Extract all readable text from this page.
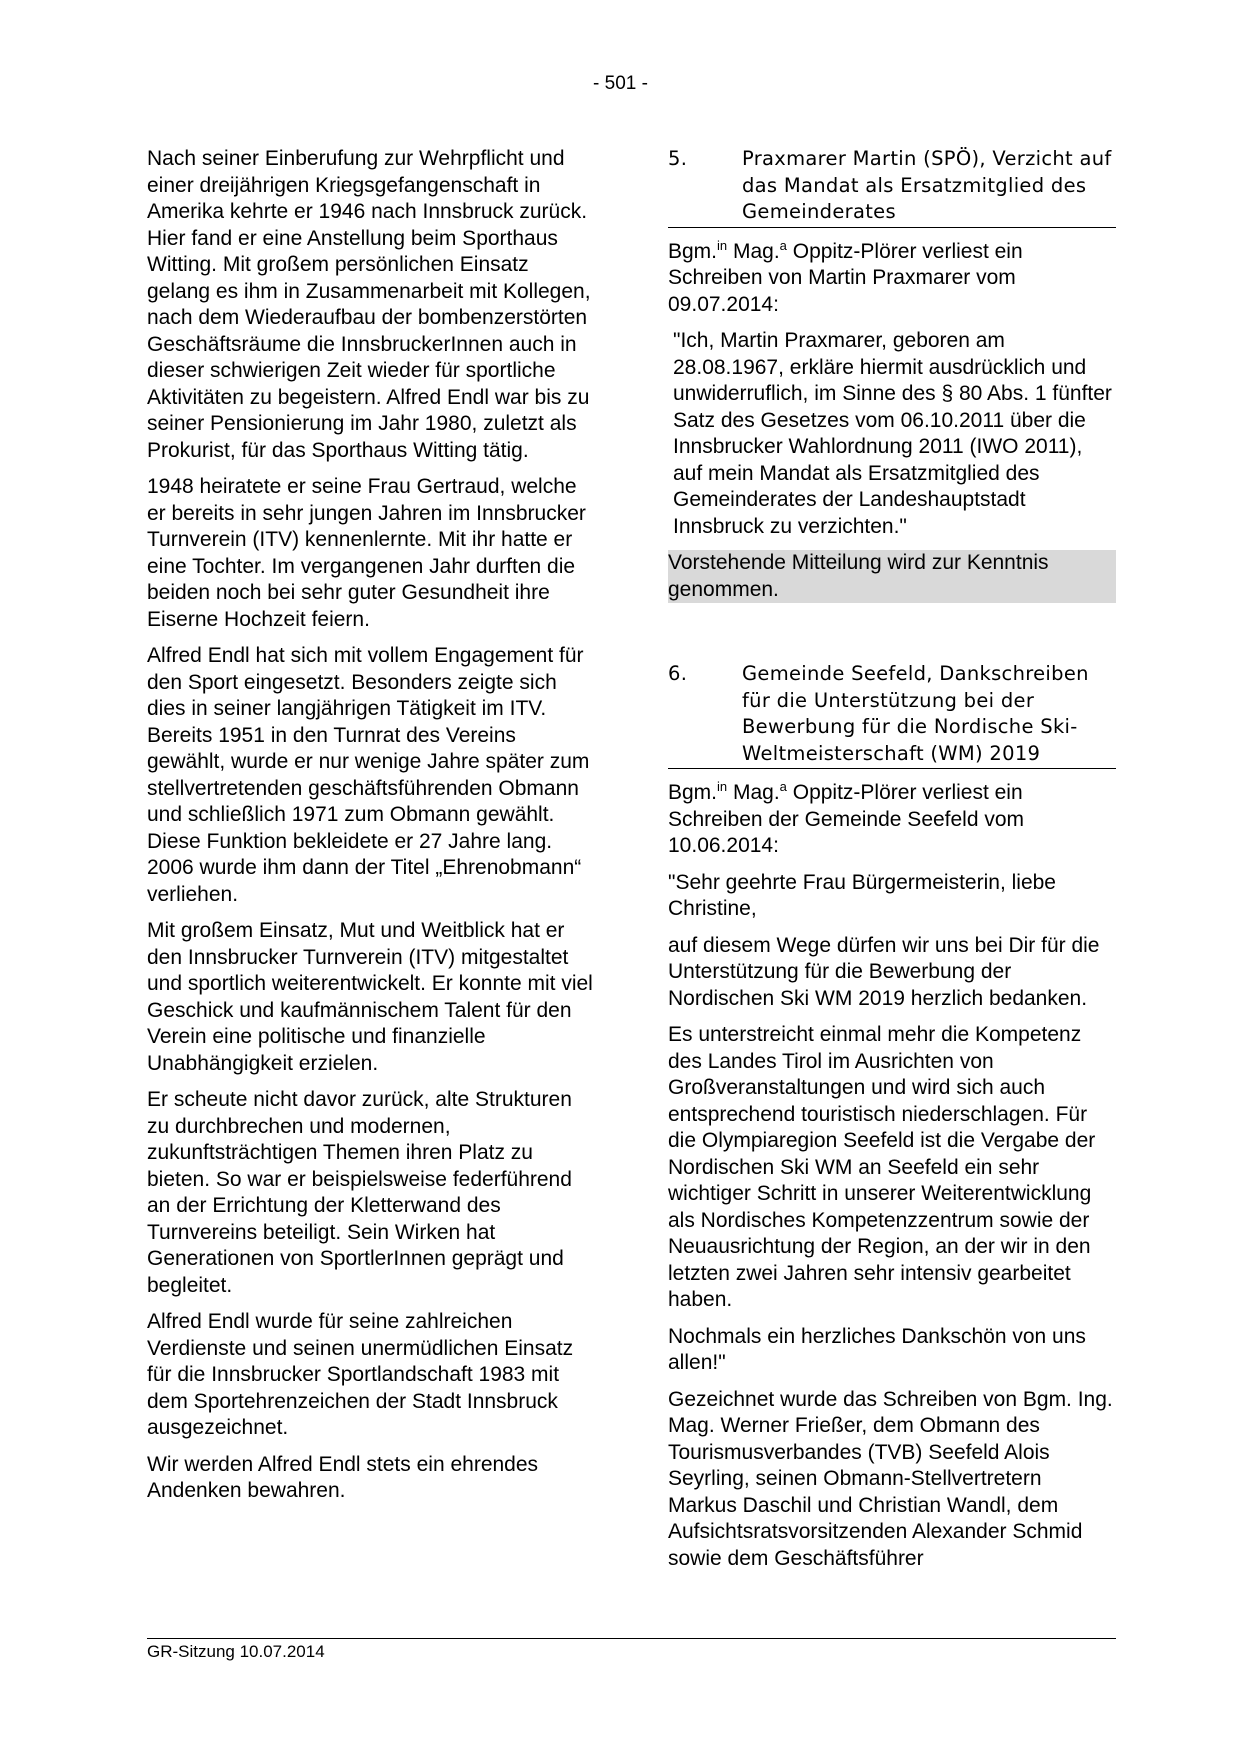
- 501 -

Nach seiner Einberufung zur Wehrpflicht und einer dreijährigen Kriegsgefangenschaft in Amerika kehrte er 1946 nach Innsbruck zurück. Hier fand er eine Anstellung beim Sporthaus Witting. Mit großem persönlichen Einsatz gelang es ihm in Zusammenarbeit mit Kollegen, nach dem Wiederaufbau der bombenzerstörten Geschäftsräume die InnsbruckerInnen auch in dieser schwierigen Zeit wieder für sportliche Aktivitäten zu begeistern. Alfred Endl war bis zu seiner Pensionierung im Jahr 1980, zuletzt als Prokurist, für das Sporthaus Witting tätig.

1948 heiratete er seine Frau Gertraud, welche er bereits in sehr jungen Jahren im Innsbrucker Turnverein (ITV) kennenlernte. Mit ihr hatte er eine Tochter. Im vergangenen Jahr durften die beiden noch bei sehr guter Gesundheit ihre Eiserne Hochzeit feiern.

Alfred Endl hat sich mit vollem Engagement für den Sport eingesetzt. Besonders zeigte sich dies in seiner langjährigen Tätigkeit im ITV. Bereits 1951 in den Turnrat des Vereins gewählt, wurde er nur wenige Jahre später zum stellvertretenden geschäftsführenden Obmann und schließlich 1971 zum Obmann gewählt. Diese Funktion bekleidete er 27 Jahre lang. 2006 wurde ihm dann der Titel „Ehrenobmann“ verliehen.

Mit großem Einsatz, Mut und Weitblick hat er den Innsbrucker Turnverein (ITV) mitgestaltet und sportlich weiterentwickelt. Er konnte mit viel Geschick und kaufmännischem Talent für den Verein eine politische und finanzielle Unabhängigkeit erzielen.

Er scheute nicht davor zurück, alte Strukturen zu durchbrechen und modernen, zukunftsträchtigen Themen ihren Platz zu bieten. So war er beispielsweise federführend an der Errichtung der Kletterwand des Turnvereins beteiligt. Sein Wirken hat Generationen von SportlerInnen geprägt und begleitet.

Alfred Endl wurde für seine zahlreichen Verdienste und seinen unermüdlichen Einsatz für die Innsbrucker Sportlandschaft 1983 mit dem Sportehrenzeichen der Stadt Innsbruck ausgezeichnet.

Wir werden Alfred Endl stets ein ehrendes Andenken bewahren.

5.	Praxmarer Martin (SPÖ), Verzicht auf das Mandat als Ersatzmitglied des Gemeinderates

Bgm.$^{in}$ Mag.$^a$ Oppitz-Plörer verliest ein Schreiben von Martin Praxmarer vom 09.07.2014:

"Ich, Martin Praxmarer, geboren am 28.08.1967, erkläre hiermit ausdrücklich und unwiderruflich, im Sinne des § 80 Abs. 1 fünfter Satz des Gesetzes vom 06.10.2011 über die Innsbrucker Wahlordnung 2011 (IWO 2011), auf mein Mandat als Ersatzmitglied des Gemeinderates der Landeshauptstadt Innsbruck zu verzichten."

Vorstehende Mitteilung wird zur Kenntnis genommen.

6.	Gemeinde Seefeld, Dankschreiben für die Unterstützung bei der Bewerbung für die Nordische Ski-Weltmeisterschaft (WM) 2019

Bgm.$^{in}$ Mag.$^a$ Oppitz-Plörer verliest ein Schreiben der Gemeinde Seefeld vom 10.06.2014:

"Sehr geehrte Frau Bürgermeisterin, liebe Christine,

auf diesem Wege dürfen wir uns bei Dir für die Unterstützung für die Bewerbung der Nordischen Ski WM 2019 herzlich bedanken.

Es unterstreicht einmal mehr die Kompetenz des Landes Tirol im Ausrichten von Großveranstaltungen und wird sich auch entsprechend touristisch niederschlagen. Für die Olympiaregion Seefeld ist die Vergabe der Nordischen Ski WM an Seefeld ein sehr wichtiger Schritt in unserer Weiterentwicklung als Nordisches Kompetenzzentrum sowie der Neuausrichtung der Region, an der wir in den letzten zwei Jahren sehr intensiv gearbeitet haben.

Nochmals ein herzliches Dankschön von uns allen!"

Gezeichnet wurde das Schreiben von Bgm. Ing. Mag. Werner Frießer, dem Obmann des Tourismusverbandes (TVB) Seefeld Alois Seyrling, seinen Obmann-Stellvertretern Markus Daschil und Christian Wandl, dem Aufsichtsratsvorsitzenden Alexander Schmid sowie dem Geschäftsführer

GR-Sitzung 10.07.2014
